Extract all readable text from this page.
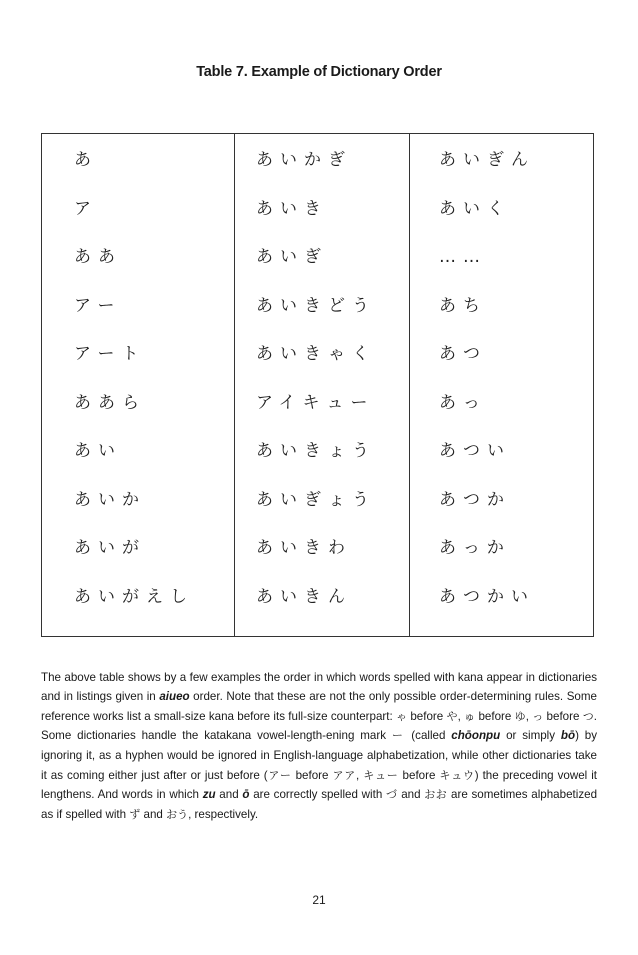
Table 7. Example of Dictionary Order
あ
ア
ああ
アー
アート
ああら
あい
あいか
あいが
あいがえし
あいかぎ
あいき
あいぎ
あいきどう
あいきゃく
アイキュー
あいきょう
あいぎょう
あいきわ
あいきん
あいぎん
あいく
……
あち
あつ
あっ
あつい
あつか
あっか
あつかい

The above table shows by a few examples the order in which words spelled with kana appear in dictionaries and in listings given in aiueo order. Note that these are not the only possible order-determining rules. Some reference works list a small-size kana before its full-size counterpart: ゃ before や, ゅ before ゆ, っ before つ. Some dictionaries handle the katakana vowel-length-ening mark ー (called chōonpu or simply bō) by ignoring it, as a hyphen would be ignored in English-language alphabetization, while other dictionaries take it as coming either just after or just before (アー before アア, キュー before キュウ) the preceding vowel it lengthens. And words in which zu and ō are correctly spelled with づ and おお are sometimes alphabetized as if spelled with ず and おう, respectively.

21
